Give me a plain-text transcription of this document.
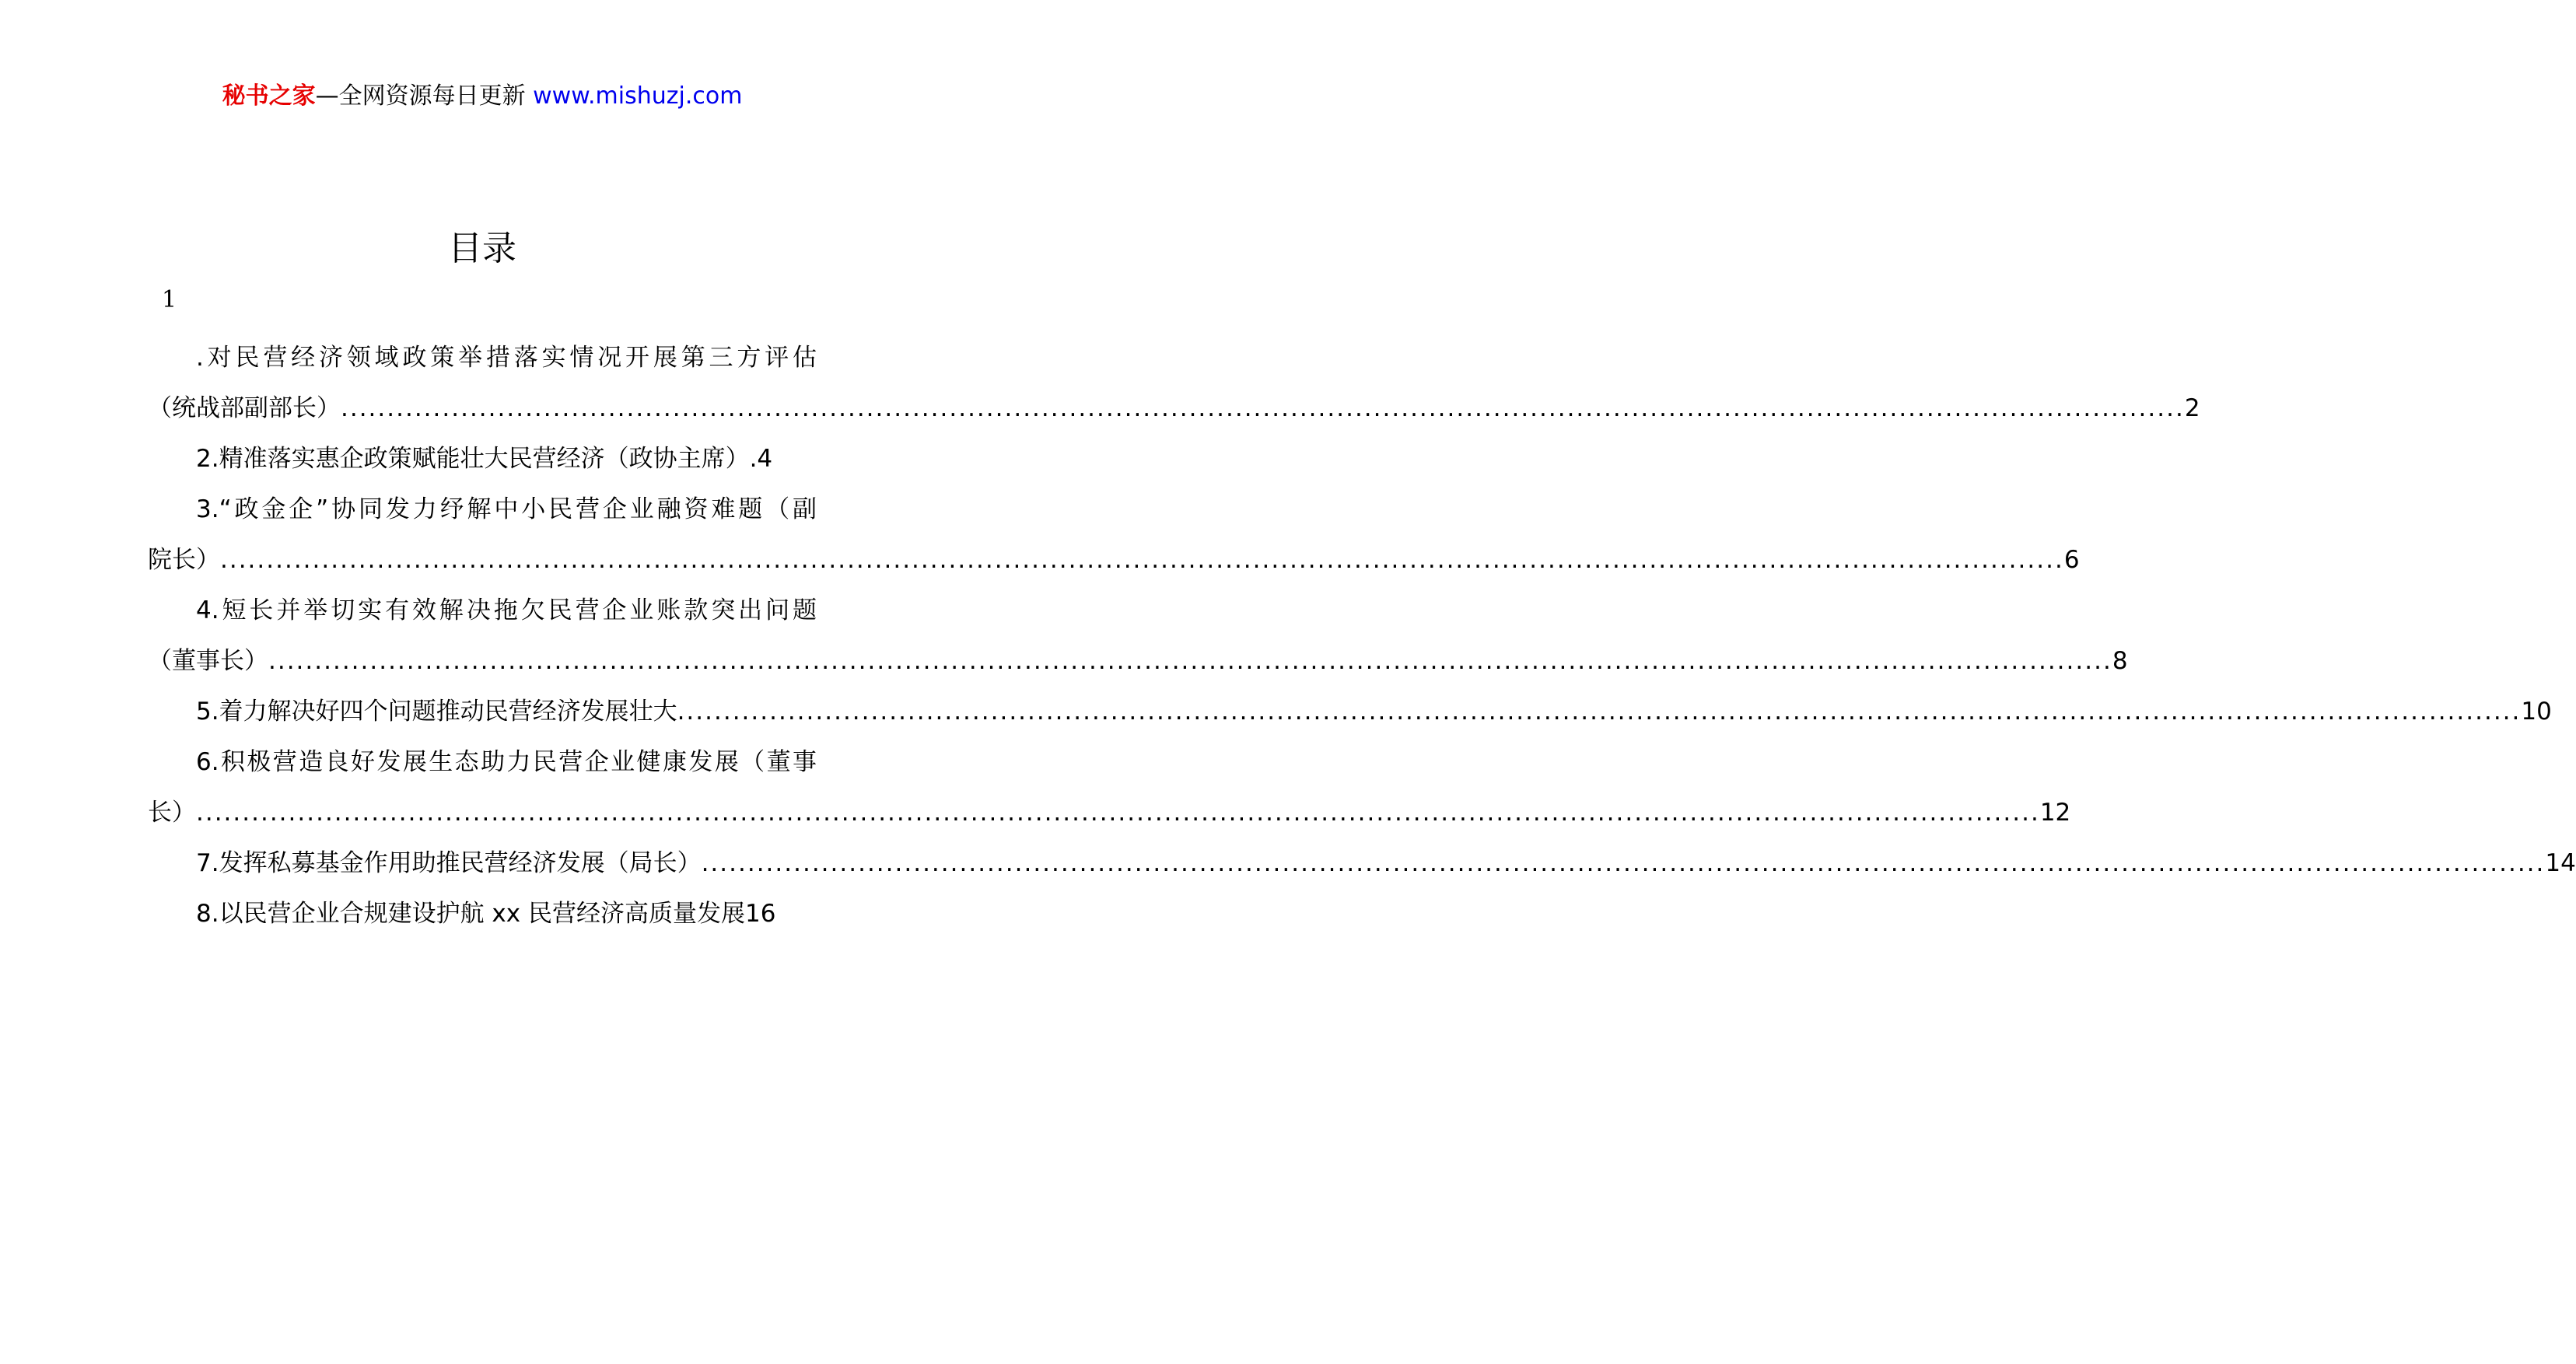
秘书之家—全网资源每日更新 www.mishuzj.com
目录
1
.对民营经济领域政策举措落实情况开展第三方评估
（统战部副部长） ........................................................................................................................................................................................................ 2
2.精准落实惠企政策赋能壮大民营经济（政协主席） .4
3.“政金企”协同发力纾解中小民营企业融资难题（副
院长） ........................................................................................................................................................................................................ 6
4.短长并举切实有效解决拖欠民营企业账款突出问题
（董事长） ........................................................................................................................................................................................................ 8
5.着力解决好四个问题推动民营经济发展壮大 ........................................................................................................................................................................................................ 10
6.积极营造良好发展生态助力民营企业健康发展（董事
长） ........................................................................................................................................................................................................ 12
7.发挥私募基金作用助推民营经济发展（局长） ........................................................................................................................................................................................................ 14
8.以民营企业合规建设护航 xx 民营经济高质量发展 16
